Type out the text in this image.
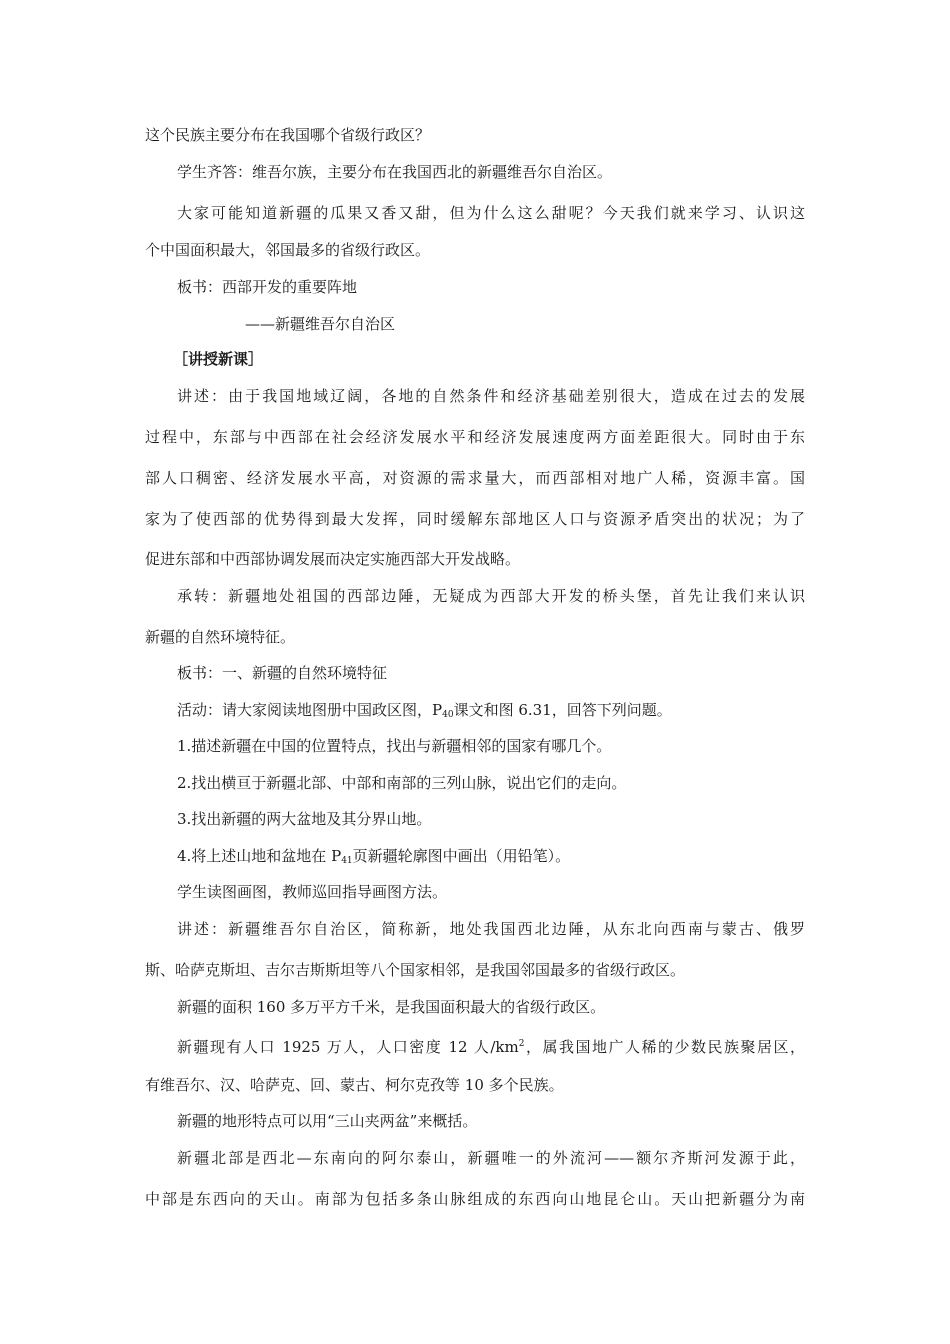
这个民族主要分布在我国哪个省级行政区？
学生齐答：维吾尔族，主要分布在我国西北的新疆维吾尔自治区。
大家可能知道新疆的瓜果又香又甜，但为什么这么甜呢？今天我们就来学习、认识这
个中国面积最大，邻国最多的省级行政区。
板书：西部开发的重要阵地
——新疆维吾尔自治区
［讲授新课］
讲述：由于我国地域辽阔，各地的自然条件和经济基础差别很大，造成在过去的发展
过程中，东部与中西部在社会经济发展水平和经济发展速度两方面差距很大。同时由于东
部人口稠密、经济发展水平高，对资源的需求量大，而西部相对地广人稀，资源丰富。国
家为了使西部的优势得到最大发挥，同时缓解东部地区人口与资源矛盾突出的状况；为了
促进东部和中西部协调发展而决定实施西部大开发战略。
承转：新疆地处祖国的西部边陲，无疑成为西部大开发的桥头堡，首先让我们来认识
新疆的自然环境特征。
板书：一、新疆的自然环境特征
活动：请大家阅读地图册中国政区图，$P_{40}$课文和图 6.31，回答下列问题。
1.描述新疆在中国的位置特点，找出与新疆相邻的国家有哪几个。
2.找出横亘于新疆北部、中部和南部的三列山脉，说出它们的走向。
3.找出新疆的两大盆地及其分界山地。
4.将上述山地和盆地在 $P_{41}$页新疆轮廓图中画出（用铅笔）。
学生读图画图，教师巡回指导画图方法。
讲述：新疆维吾尔自治区，简称新，地处我国西北边陲，从东北向西南与蒙古、俄罗
斯、哈萨克斯坦、吉尔吉斯斯坦等八个国家相邻，是我国邻国最多的省级行政区。
新疆的面积 160 多万平方千米，是我国面积最大的省级行政区。
新疆现有人口 1925 万人，人口密度 12 人$/km^2$，属我国地广人稀的少数民族聚居区，
有维吾尔、汉、哈萨克、回、蒙古、柯尔克孜等 10 多个民族。
新疆的地形特点可以用“三山夹两盆”来概括。
新疆北部是西北—东南向的阿尔泰山，新疆唯一的外流河——额尔齐斯河发源于此，
中部是东西向的天山。南部为包括多条山脉组成的东西向山地昆仑山。天山把新疆分为南
